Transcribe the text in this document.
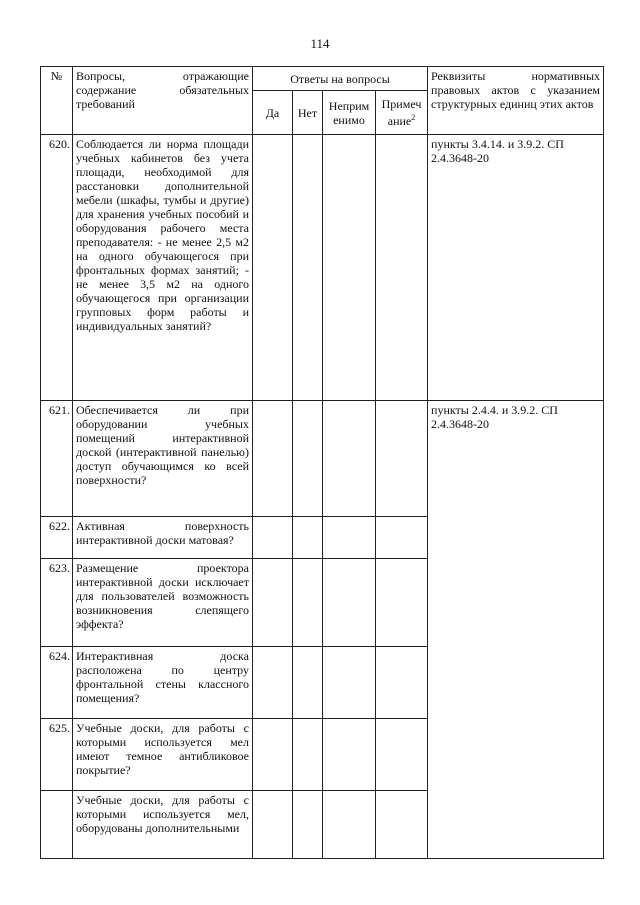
114
№	Вопросы, отражающие содержание обязательных требований	Ответы на вопросы				Реквизиты нормативных правовых актов с указанием структурных единиц этих актов
		Да	Нет	Неприм енимо	Примеч ание$^2$
620.	Соблюдается ли норма площади учебных кабинетов без учета площади, необходимой для расстановки дополнительной мебели (шкафы, тумбы и другие) для хранения учебных пособий и оборудования рабочего места преподавателя: - не менее 2,5 м2 на одного обучающегося при фронтальных формах занятий; - не менее 3,5 м2 на одного обучающегося при организации групповых форм работы и индивидуальных занятий?					пункты 3.4.14. и 3.9.2. СП 2.4.3648-20
621.	Обеспечивается ли при оборудовании учебных помещений интерактивной доской (интерактивной панелью) доступ обучающимся ко всей поверхности?					пункты 2.4.4. и 3.9.2. СП 2.4.3648-20
622.	Активная поверхность интерактивной доски матовая?					
623.	Размещение проектора интерактивной доски исключает для пользователей возможность возникновения слепящего эффекта?					
624.	Интерактивная доска расположена по центру фронтальной стены классного помещения?					
625.	Учебные доски, для работы с которыми используется мел имеют темное антибликовое покрытие?					
	Учебные доски, для работы с которыми используется мел, оборудованы дополнительными					
